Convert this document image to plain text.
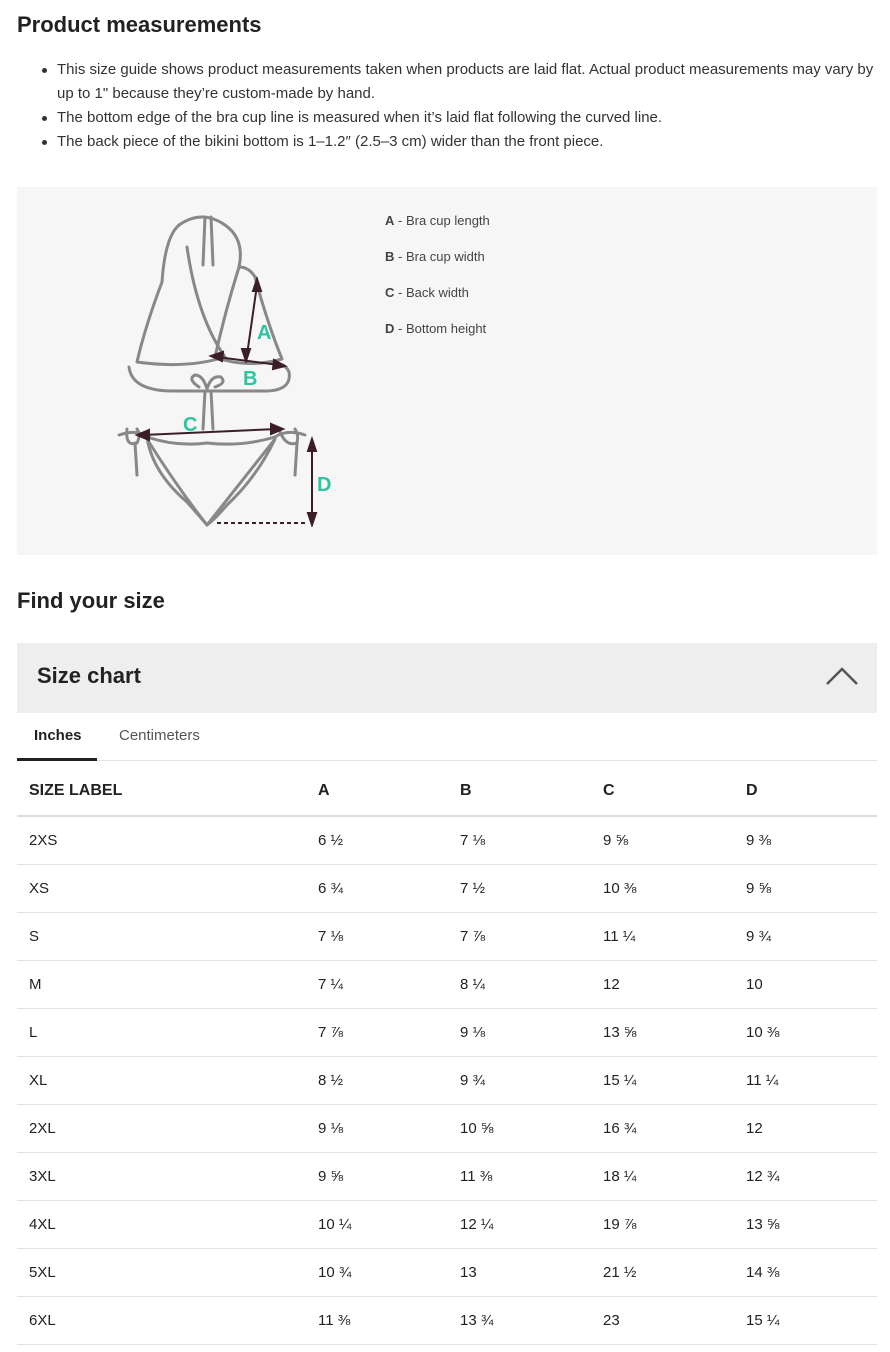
Product measurements
This size guide shows product measurements taken when products are laid flat. Actual product measurements may vary by up to 1" because they’re custom-made by hand.
The bottom edge of the bra cup line is measured when it’s laid flat following the curved line.
The back piece of the bikini bottom is 1–1.2″ (2.5–3 cm) wider than the front piece.
A
B
C
D
A - Bra cup length
B - Bra cup width
C - Back width
D - Bottom height
Find your size
Size chart
Inches Centimeters
SIZE LABEL	A	B	C	D
2XS	6 ½	7 ⅛	9 ⅝	9 ⅜
XS	6 ¾	7 ½	10 ⅜	9 ⅝
S	7 ⅛	7 ⅞	11 ¼	9 ¾
M	7 ¼	8 ¼	12	10
L	7 ⅞	9 ⅛	13 ⅝	10 ⅜
XL	8 ½	9 ¾	15 ¼	11 ¼
2XL	9 ⅛	10 ⅝	16 ¾	12
3XL	9 ⅝	11 ⅜	18 ¼	12 ¾
4XL	10 ¼	12 ¼	19 ⅞	13 ⅝
5XL	10 ¾	13	21 ½	14 ⅜
6XL	11 ⅜	13 ¾	23	15 ¼
